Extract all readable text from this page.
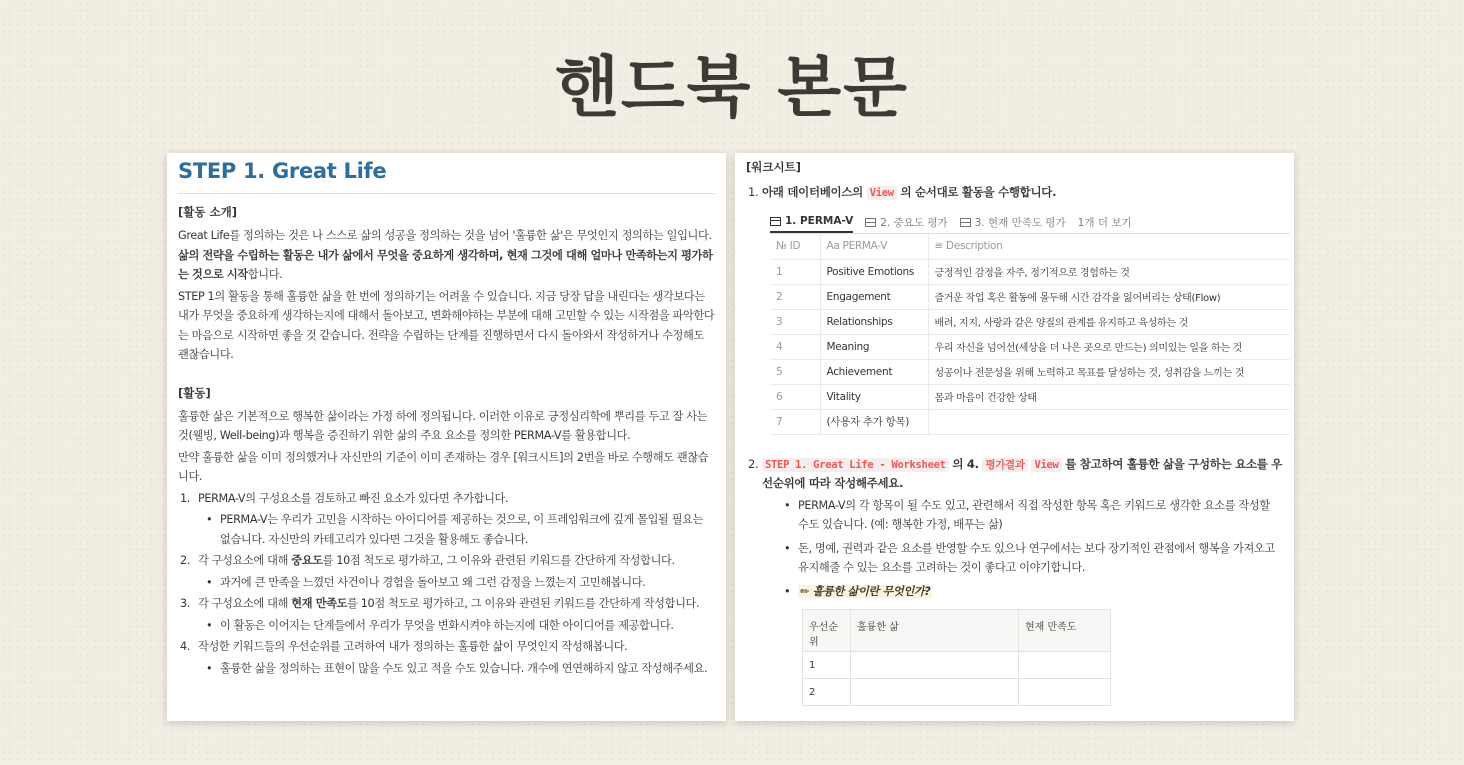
핸드북 본문
STEP 1. Great Life
[활동 소개]

Great Life를 정의하는 것은 나 스스로 삶의 성공을 정의하는 것을 넘어 '훌륭한 삶'은 무엇인지 정의하는 일입니다. 삶의 전략을 수립하는 활동은 내가 삶에서 무엇을 중요하게 생각하며, 현재 그것에 대해 얼마나 만족하는지 평가하는 것으로 시작합니다.

STEP 1의 활동을 통해 훌륭한 삶을 한 번에 정의하기는 어려울 수 있습니다. 지금 당장 답을 내린다는 생각보다는 내가 무엇을 중요하게 생각하는지에 대해서 돌아보고, 변화해야하는 부분에 대해 고민할 수 있는 시작점을 파악한다는 마음으로 시작하면 좋을 것 같습니다. 전략을 수립하는 단계를 진행하면서 다시 돌아와서 작성하거나 수정해도 괜찮습니다.

[활동]

훌륭한 삶은 기본적으로 행복한 삶이라는 가정 하에 정의됩니다. 이러한 이유로 긍정심리학에 뿌리를 두고 잘 사는 것(웰빙, Well-being)과 행복을 증진하기 위한 삶의 주요 요소를 정의한 PERMA-V를 활용합니다.

만약 훌륭한 삶을 이미 정의했거나 자신만의 기준이 이미 존재하는 경우 [워크시트]의 2번을 바로 수행해도 괜찮습니다.

1. PERMA-V의 구성요소를 검토하고 빠진 요소가 있다면 추가합니다.
• PERMA-V는 우리가 고민을 시작하는 아이디어를 제공하는 것으로, 이 프레임워크에 깊게 몰입될 필요는 없습니다. 자신만의 카테고리가 있다면 그것을 활용해도 좋습니다.
2. 각 구성요소에 대해 중요도를 10점 척도로 평가하고, 그 이유와 관련된 키워드를 간단하게 작성합니다.
• 과거에 큰 만족을 느꼈던 사건이나 경험을 돌아보고 왜 그런 감정을 느꼈는지 고민해봅니다.
3. 각 구성요소에 대해 현재 만족도를 10점 척도로 평가하고, 그 이유와 관련된 키워드를 간단하게 작성합니다.
• 이 활동은 이어지는 단계들에서 우리가 무엇을 변화시켜야 하는지에 대한 아이디어를 제공합니다.
4. 작성한 키워드들의 우선순위를 고려하여 내가 정의하는 훌륭한 삶이 무엇인지 작성해봅니다.
• 훌륭한 삶을 정의하는 표현이 많을 수도 있고 적을 수도 있습니다. 개수에 연연해하지 않고 작성해주세요.
[워크시트]
1. 아래 데이터베이스의 View 의 순서대로 활동을 수행합니다.
1. PERMA-V	2. 중요도 평가	3. 현재 만족도 평가 1개 더 보기
№ ID	Aa PERMA-V	≡ Description
1	Positive Emotions	긍정적인 감정을 자주, 정기적으로 경험하는 것
2	Engagement	즐거운 작업 혹은 활동에 몰두해 시간 감각을 잃어버리는 상태(Flow)
3	Relationships	배려, 지지, 사랑과 같은 양질의 관계를 유지하고 육성하는 것
4	Meaning	우리 자신을 넘어선(세상을 더 나은 곳으로 만드는) 의미있는 일을 하는 것
5	Achievement	성공이나 전문성을 위해 노력하고 목표를 달성하는 것, 성취감을 느끼는 것
6	Vitality	몸과 마음이 건강한 상태
7	(사용자 추가 항목)	
2. STEP 1. Great Life - Worksheet 의 4. 평가결과 View 를 참고하여 훌륭한 삶을 구성하는 요소를 우선순위에 따라 작성해주세요.
• PERMA-V의 각 항목이 될 수도 있고, 관련해서 직접 작성한 항목 혹은 키워드로 생각한 요소를 작성할 수도 있습니다. (예: 행복한 가정, 배푸는 삶)
• 돈, 명예, 권력과 같은 요소를 반영할 수도 있으나 연구에서는 보다 장기적인 관점에서 행복을 가져오고 유지해줄 수 있는 요소를 고려하는 것이 좋다고 이야기합니다.
• ✏ 훌륭한 삶이란 무엇인가?
우선순위	훌륭한 삶	현재 만족도
1		
2		
